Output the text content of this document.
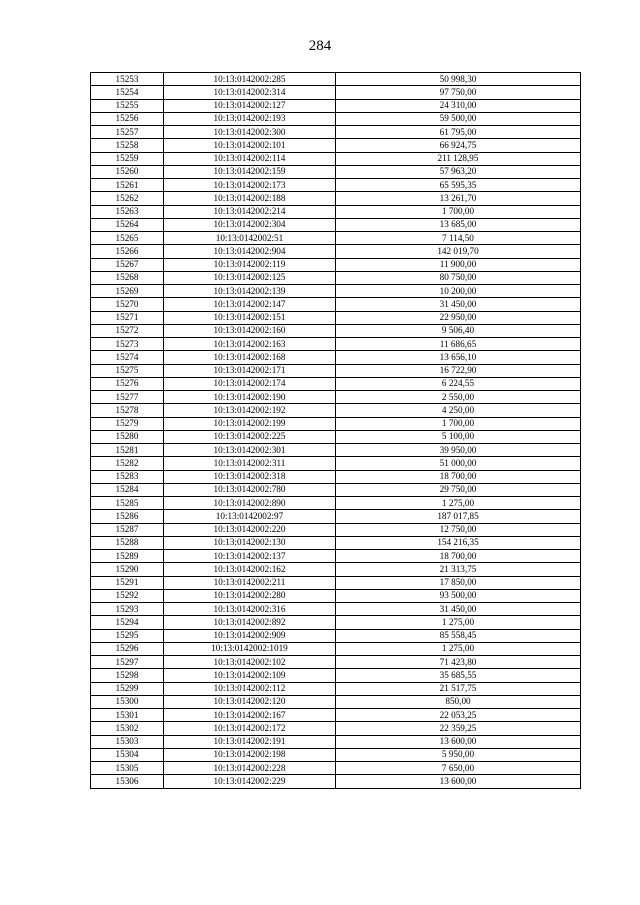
284
15253	10:13:0142002:285	50 998,30
15254	10:13:0142002:314	97 750,00
15255	10:13:0142002:127	24 310,00
15256	10:13:0142002:193	59 500,00
15257	10:13:0142002:300	61 795,00
15258	10:13:0142002:101	66 924,75
15259	10:13:0142002:114	211 128,95
15260	10:13:0142002:159	57 963,20
15261	10:13:0142002:173	65 595,35
15262	10:13:0142002:188	13 261,70
15263	10:13:0142002:214	1 700,00
15264	10:13:0142002:304	13 685,00
15265	10:13:0142002:51	7 114,50
15266	10:13:0142002:904	142 019,70
15267	10:13:0142002:119	11 900,00
15268	10:13:0142002:125	80 750,00
15269	10:13:0142002:139	10 200,00
15270	10:13:0142002:147	31 450,00
15271	10:13:0142002:151	22 950,00
15272	10:13:0142002:160	9 506,40
15273	10:13:0142002:163	11 686,65
15274	10:13:0142002:168	13 656,10
15275	10:13:0142002:171	16 722,90
15276	10:13:0142002:174	6 224,55
15277	10:13:0142002:190	2 550,00
15278	10:13:0142002:192	4 250,00
15279	10:13:0142002:199	1 700,00
15280	10:13:0142002:225	5 100,00
15281	10:13:0142002:301	39 950,00
15282	10:13:0142002:311	51 000,00
15283	10:13:0142002:318	18 700,00
15284	10:13:0142002:780	29 750,00
15285	10:13:0142002:890	1 275,00
15286	10:13:0142002:97	187 017,85
15287	10:13:0142002:220	12 750,00
15288	10:13:0142002:130	154 216,35
15289	10:13:0142002:137	18 700,00
15290	10:13:0142002:162	21 313,75
15291	10:13:0142002:211	17 850,00
15292	10:13:0142002:280	93 500,00
15293	10:13:0142002:316	31 450,00
15294	10:13:0142002:892	1 275,00
15295	10:13:0142002:909	85 558,45
15296	10:13:0142002:1019	1 275,00
15297	10:13:0142002:102	71 423,80
15298	10:13:0142002:109	35 685,55
15299	10:13:0142002:112	21 517,75
15300	10:13:0142002:120	850,00
15301	10:13:0142002:167	22 053,25
15302	10:13:0142002:172	22 359,25
15303	10:13:0142002:191	13 600,00
15304	10:13:0142002:198	5 950,00
15305	10:13:0142002:228	7 650,00
15306	10:13:0142002:229	13 600,00
